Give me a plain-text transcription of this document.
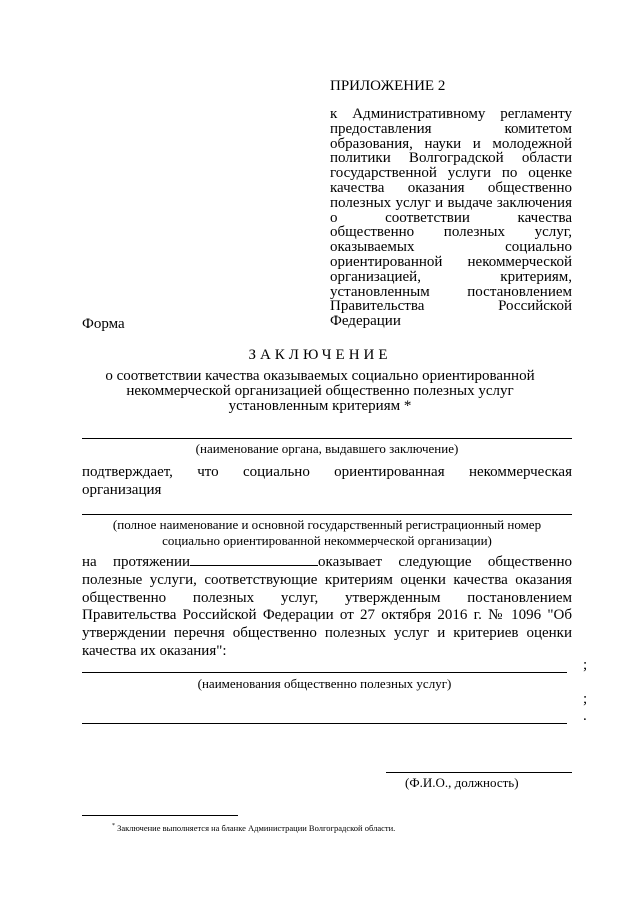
ПРИЛОЖЕНИЕ 2

к Административному регламенту предоставления комитетом образования, науки и молодежной политики Волгоградской области государственной услуги по оценке качества оказания общественно полезных услуг и выдаче заключения о соответствии качества общественно полезных услуг, оказываемых социально ориентированной некоммерческой организацией, критериям, установленным постановлением Правительства Российской Федерации

Форма
ЗАКЛЮЧЕНИЕ

о соответствии качества оказываемых социально ориентированной некоммерческой организацией общественно полезных услуг установленным критериям *

(наименование органа, выдавшего заключение)

подтверждает, что социально ориентированная некоммерческая организация

(полное наименование и основной государственный регистрационный номер
социально ориентированной некоммерческой организации)

на протяжении	оказывает следующие общественно полезные услуги, соответствующие критериям оценки качества оказания общественно полезных услуг, утвержденным постановлением Правительства Российской Федерации от 27 октября 2016 г. № 1096 "Об утверждении перечня общественно полезных услуг и критериев оценки качества их оказания":

;
(наименования общественно полезных услуг)
;
.
(Ф.И.О., должность)
* Заключение выполняется на бланке Администрации Волгоградской области.
